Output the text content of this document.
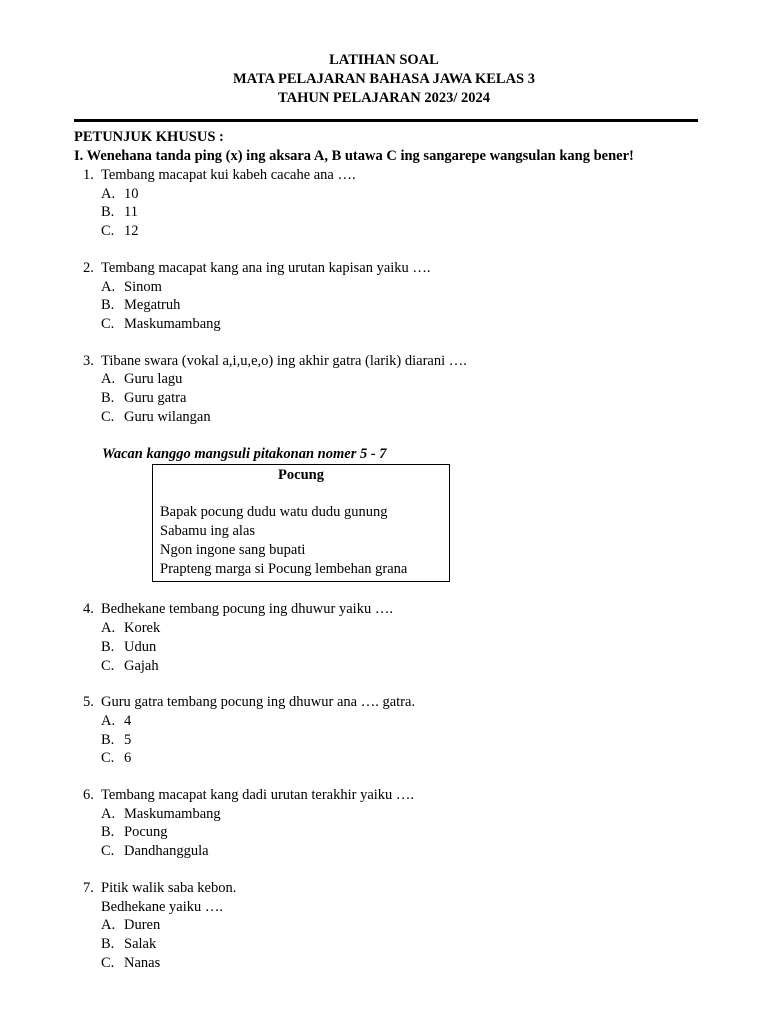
LATIHAN SOAL
MATA PELAJARAN BAHASA JAWA KELAS 3
TAHUN PELAJARAN 2023/ 2024
PETUNJUK KHUSUS :
I. Wenehana tanda ping (x) ing aksara A, B utawa C ing sangarepe wangsulan kang bener!
1. Tembang macapat kui kabeh cacahe ana ….
A. 10
B. 11
C. 12
2. Tembang macapat kang ana ing urutan kapisan yaiku ….
A. Sinom
B. Megatruh
C. Maskumambang
3. Tibane swara (vokal a,i,u,e,o) ing akhir gatra (larik) diarani ….
A. Guru lagu
B. Guru gatra
C. Guru wilangan
Wacan kanggo mangsuli pitakonan nomer 5 - 7
Pocung
Bapak pocung dudu watu dudu gunung
Sabamu ing alas
Ngon ingone sang bupati
Prapteng marga si Pocung lembehan grana
4. Bedhekane tembang pocung ing dhuwur yaiku ….
A. Korek
B. Udun
C. Gajah
5. Guru gatra tembang pocung ing dhuwur ana …. gatra.
A. 4
B. 5
C. 6
6. Tembang macapat kang dadi urutan terakhir yaiku ….
A. Maskumambang
B. Pocung
C. Dandhanggula
7. Pitik walik saba kebon.
Bedhekane yaiku ….
A. Duren
B. Salak
C. Nanas
